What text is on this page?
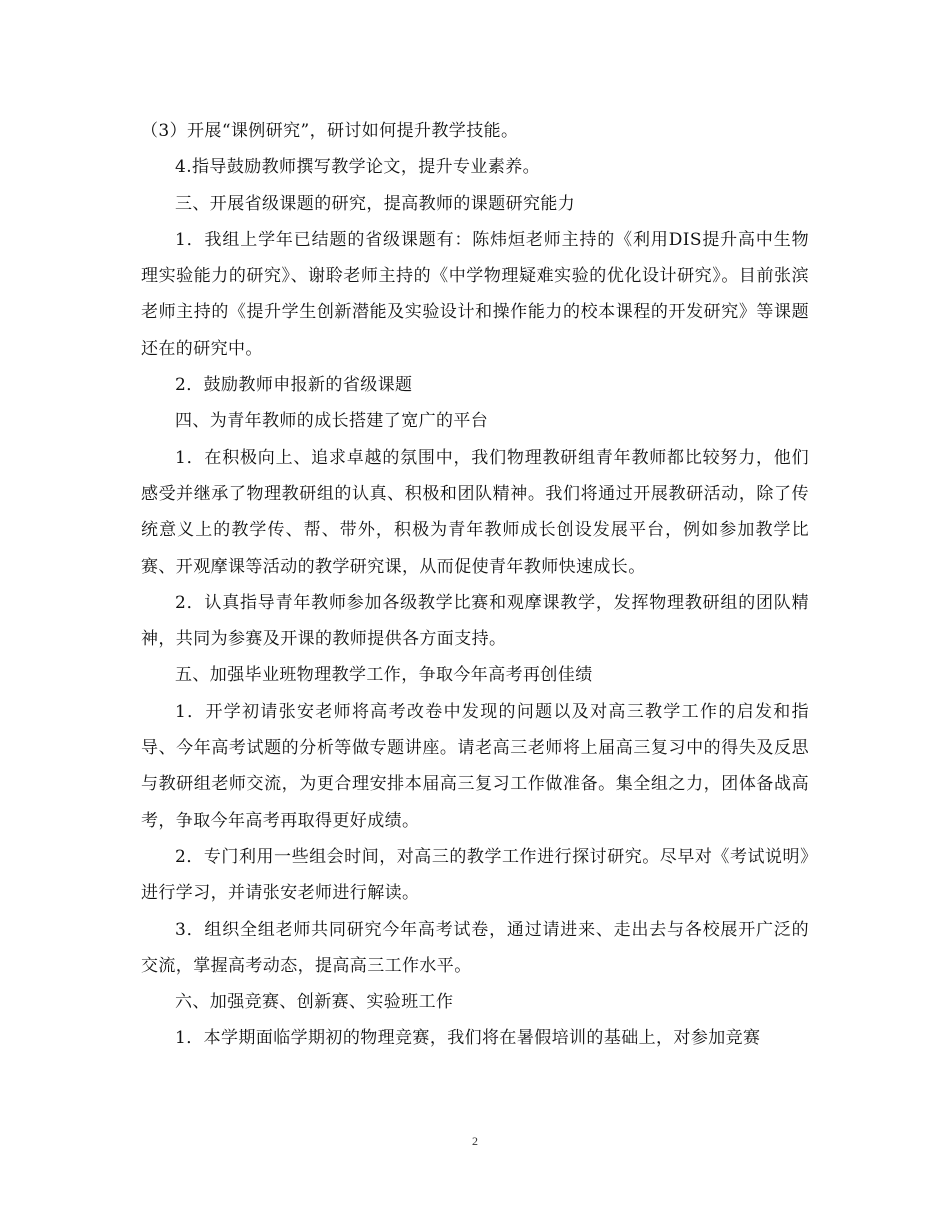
（3）开展“课例研究”，研讨如何提升教学技能。

4.指导鼓励教师撰写教学论文，提升专业素养。

三、开展省级课题的研究，提高教师的课题研究能力

1．我组上学年已结题的省级课题有：陈炜烜老师主持的《利用DIS提升高中生物理实验能力的研究》、谢聆老师主持的《中学物理疑难实验的优化设计研究》。目前张滨老师主持的《提升学生创新潜能及实验设计和操作能力的校本课程的开发研究》等课题还在的研究中。

2．鼓励教师申报新的省级课题

四、为青年教师的成长搭建了宽广的平台

1．在积极向上、追求卓越的氛围中，我们物理教研组青年教师都比较努力，他们感受并继承了物理教研组的认真、积极和团队精神。我们将通过开展教研活动，除了传统意义上的教学传、帮、带外，积极为青年教师成长创设发展平台，例如参加教学比赛、开观摩课等活动的教学研究课，从而促使青年教师快速成长。

2．认真指导青年教师参加各级教学比赛和观摩课教学，发挥物理教研组的团队精神，共同为参赛及开课的教师提供各方面支持。

五、加强毕业班物理教学工作，争取今年高考再创佳绩

1．开学初请张安老师将高考改卷中发现的问题以及对高三教学工作的启发和指导、今年高考试题的分析等做专题讲座。请老高三老师将上届高三复习中的得失及反思与教研组老师交流，为更合理安排本届高三复习工作做准备。集全组之力，团体备战高考，争取今年高考再取得更好成绩。

2．专门利用一些组会时间，对高三的教学工作进行探讨研究。尽早对《考试说明》进行学习，并请张安老师进行解读。

3．组织全组老师共同研究今年高考试卷，通过请进来、走出去与各校展开广泛的交流，掌握高考动态，提高高三工作水平。

六、加强竞赛、创新赛、实验班工作

1．本学期面临学期初的物理竞赛，我们将在暑假培训的基础上，对参加竞赛

2
